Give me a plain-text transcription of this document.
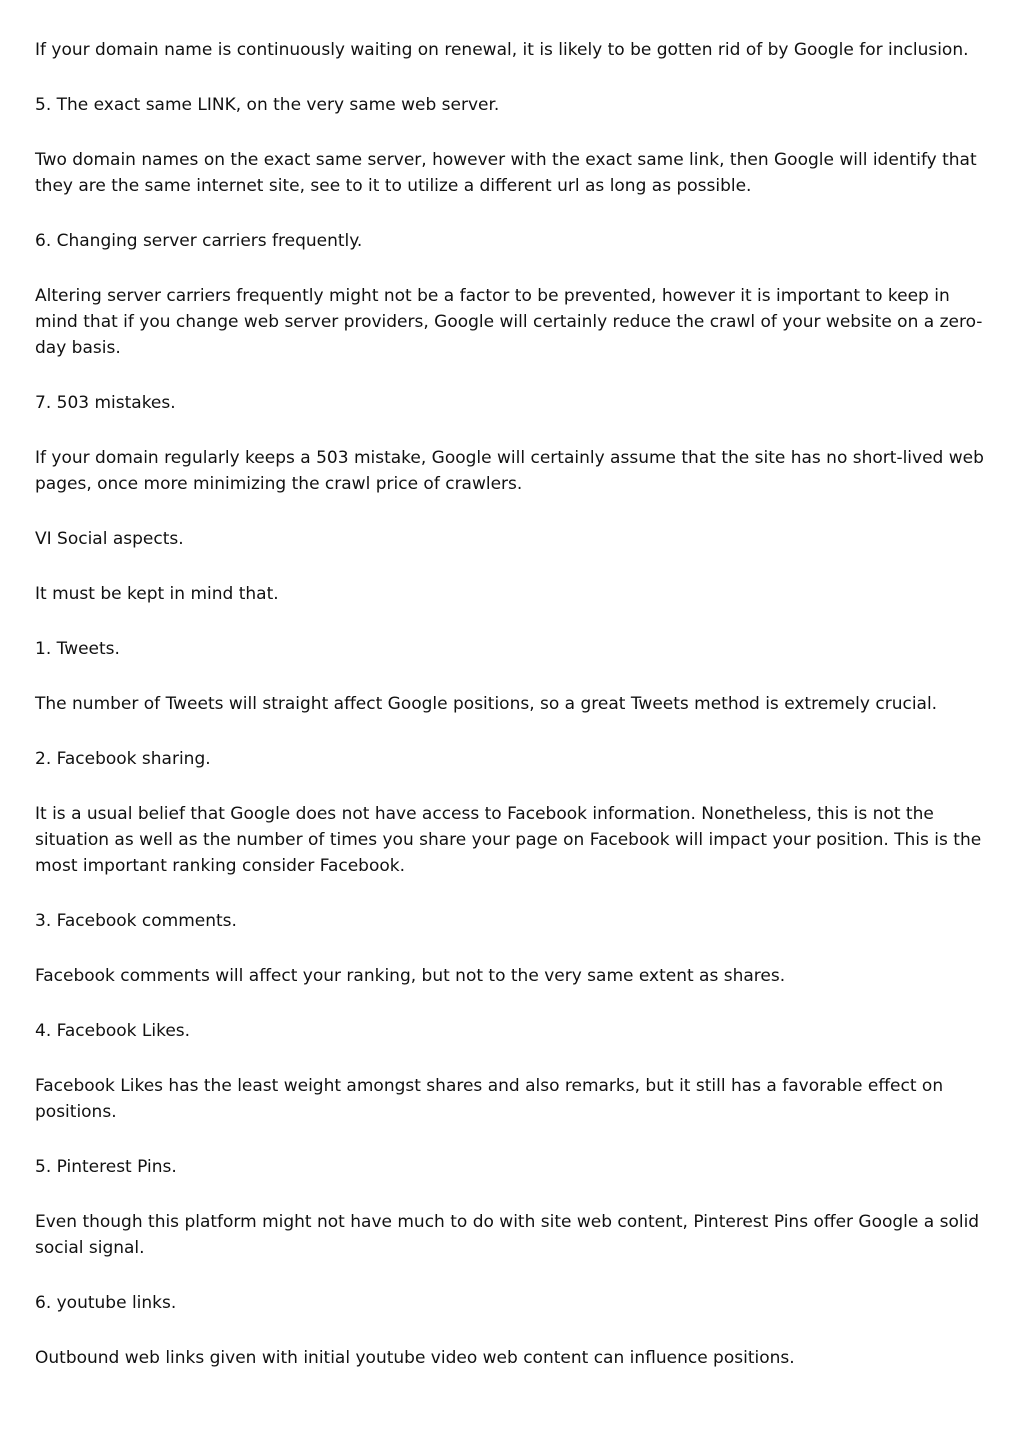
If your domain name is continuously waiting on renewal, it is likely to be gotten rid of by Google for inclusion.

5. The exact same LINK, on the very same web server.

Two domain names on the exact same server, however with the exact same link, then Google will identify that they are the same internet site, see to it to utilize a different url as long as possible.

6. Changing server carriers frequently.

Altering server carriers frequently might not be a factor to be prevented, however it is important to keep in mind that if you change web server providers, Google will certainly reduce the crawl of your website on a zero-day basis.

7. 503 mistakes.

If your domain regularly keeps a 503 mistake, Google will certainly assume that the site has no short-lived web pages, once more minimizing the crawl price of crawlers.

VI Social aspects.

It must be kept in mind that.

1. Tweets.

The number of Tweets will straight affect Google positions, so a great Tweets method is extremely crucial.

2. Facebook sharing.

It is a usual belief that Google does not have access to Facebook information. Nonetheless, this is not the situation as well as the number of times you share your page on Facebook will impact your position. This is the most important ranking consider Facebook.

3. Facebook comments.

Facebook comments will affect your ranking, but not to the very same extent as shares.

4. Facebook Likes.

Facebook Likes has the least weight amongst shares and also remarks, but it still has a favorable effect on positions.

5. Pinterest Pins.

Even though this platform might not have much to do with site web content, Pinterest Pins offer Google a solid social signal.

6. youtube links.

Outbound web links given with initial youtube video web content can influence positions.
